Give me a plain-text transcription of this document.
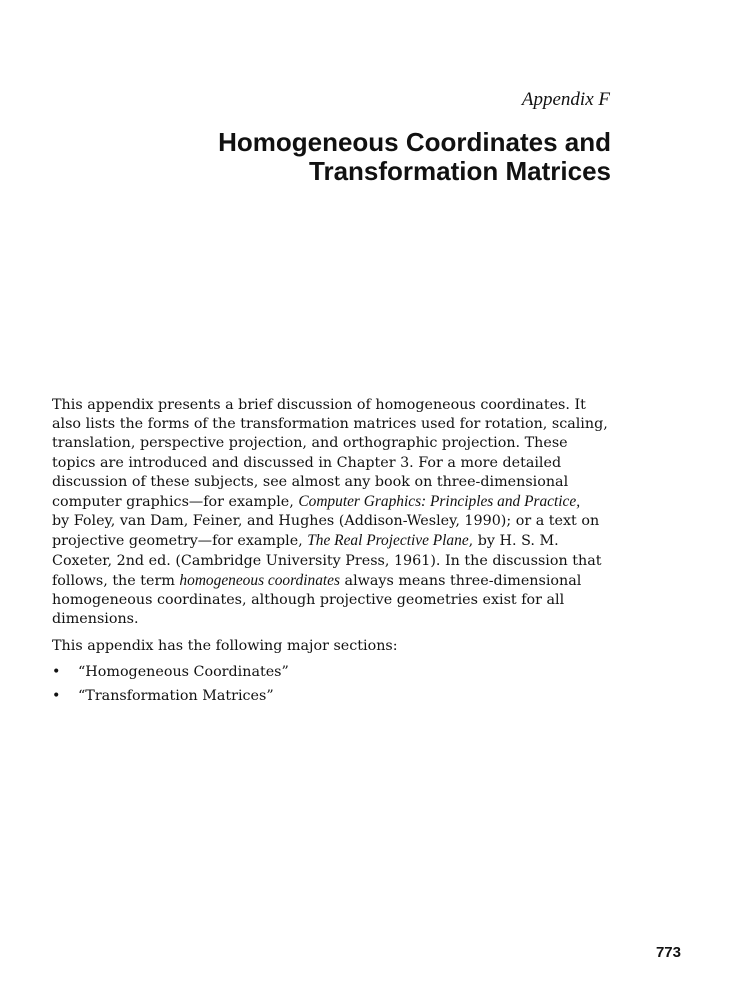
Appendix F
Homogeneous Coordinates and
Transformation Matrices

This appendix presents a brief discussion of homogeneous coordinates. It
also lists the forms of the transformation matrices used for rotation, scaling,
translation, perspective projection, and orthographic projection. These
topics are introduced and discussed in Chapter 3. For a more detailed
discussion of these subjects, see almost any book on three-dimensional
computer graphics—for example, Computer Graphics: Principles and Practice,
by Foley, van Dam, Feiner, and Hughes (Addison-Wesley, 1990); or a text on
projective geometry—for example, The Real Projective Plane, by H. S. M.
Coxeter, 2nd ed. (Cambridge University Press, 1961). In the discussion that
follows, the term homogeneous coordinates always means three-dimensional
homogeneous coordinates, although projective geometries exist for all
dimensions.

This appendix has the following major sections:

• “Homogeneous Coordinates”
• “Transformation Matrices”
773
